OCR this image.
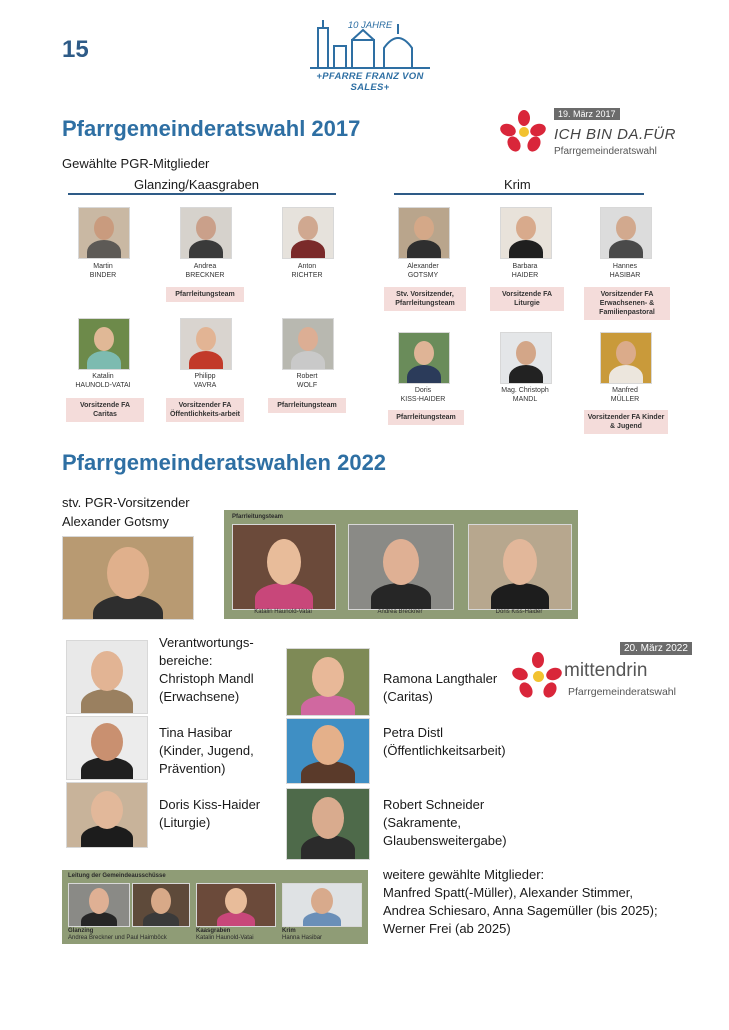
15
10 JAHRE
+PFARRE FRANZ VON SALES+
Pfarrgemeinderatswahl 2017
19. März 2017
ICH BIN DA.FÜR
Pfarrgemeinderatswahl
Gewählte PGR-Mitglieder
Glanzing/Kaasgraben	Krim
Martin
BINDER
Andrea
BRECKNER
Pfarrleitungsteam
Anton
RICHTER
Alexander
GOTSMY
Stv. Vorsitzender, Pfarrleitungsteam
Barbara
HAIDER
Vorsitzende FA Liturgie
Hannes
HASIBAR
Vorsitzender FA Erwachsenen- & Familienpastoral
Katalin
HAUNOLD-VATAI
Vorsitzende FA Caritas
Philipp
VAVRA
Vorsitzender FA Öffentlichkeits-arbeit
Robert
WOLF
Pfarrleitungsteam
Doris
KISS-HAIDER
Pfarrleitungsteam
Mag. Christoph
MANDL
Manfred
MÜLLER
Vorsitzender FA Kinder & Jugend
Pfarrgemeinderatswahlen 2022
stv. PGR-Vorsitzender
Alexander Gotsmy	Pfarrleitungsteam
Katalin Haunold-Vatai	Andrea Breckner	Doris Kiss-Haider
20. März 2022
mittendrin
Pfarrgemeinderatswahl
Verantwortungs-
bereiche:
Christoph Mandl
(Erwachsene)
Ramona Langthaler
(Caritas)
Tina Hasibar
(Kinder, Jugend,
Prävention)
Petra Distl
(Öffentlichkeitsarbeit)
Doris Kiss-Haider
(Liturgie)
Robert Schneider
(Sakramente,
Glaubensweitergabe)
Leitung der Gemeindeausschüsse
Glanzing
Andrea Breckner und Paul Haimböck
Kaasgraben
Katalin Haunold-Vatai
Krim
Hanna Hasibar
weitere gewählte Mitglieder:
Manfred Spatt(-Müller), Alexander Stimmer,
Andrea Schiesaro, Anna Sagemüller (bis 2025);
Werner Frei (ab 2025)
